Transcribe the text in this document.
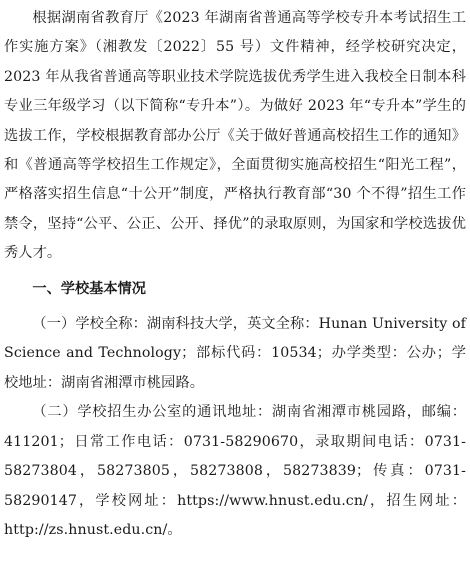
根据湖南省教育厅《2023 年湖南省普通高等学校专升本考试招生工作实施方案》（湘教发〔2022〕55 号）文件精神，经学校研究决定，2023 年从我省普通高等职业技术学院选拔优秀学生进入我校全日制本科专业三年级学习（以下简称“专升本”）。为做好 2023 年“专升本”学生的选拔工作，学校根据教育部办公厅《关于做好普通高校招生工作的通知》和《普通高等学校招生工作规定》，全面贯彻实施高校招生“阳光工程”，严格落实招生信息“十公开”制度，严格执行教育部“30 个不得”招生工作禁令，坚持“公平、公正、公开、择优”的录取原则，为国家和学校选拔优秀人才。

一、学校基本情况

（一）学校全称：湖南科技大学，英文全称：Hunan University of Science and Technology；部标代码：10534；办学类型：公办；学校地址：湖南省湘潭市桃园路。

（二）学校招生办公室的通讯地址：湖南省湘潭市桃园路，邮编：411201；日常工作电话：0731-58290670，录取期间电话：0731-58273804，58273805，58273808，58273839；传真：0731-58290147，学校网址：https://www.hnust.edu.cn/，招生网址：http://zs.hnust.edu.cn/。
